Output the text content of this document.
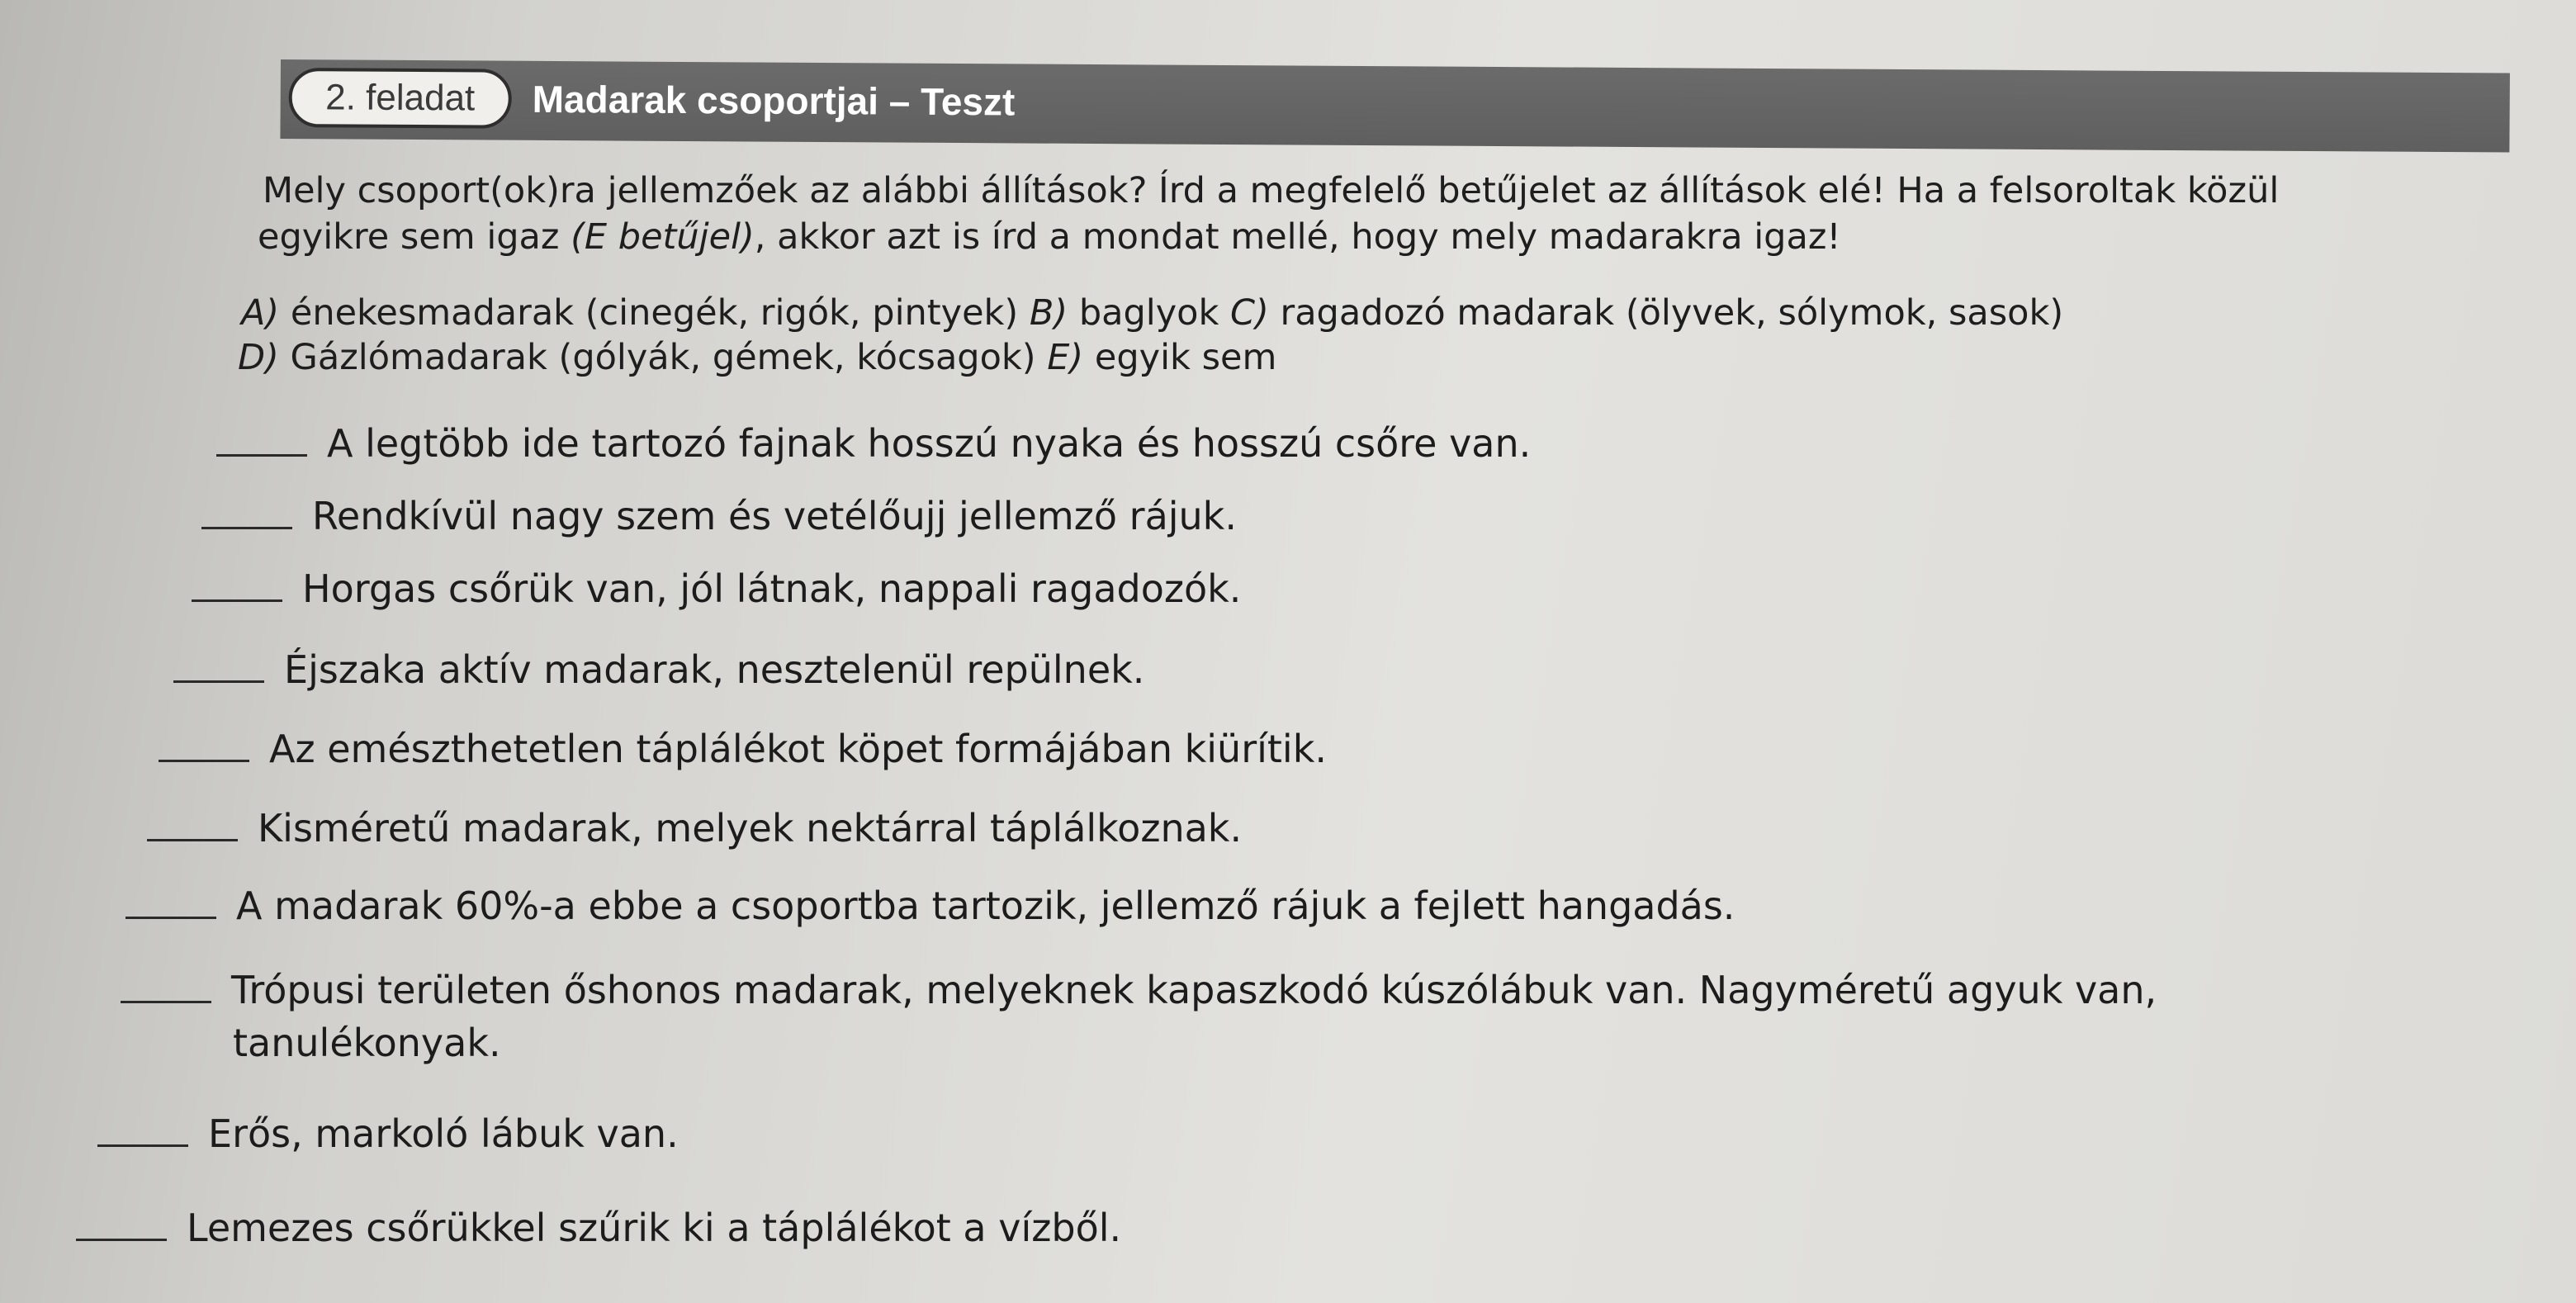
2. feladat Madarak csoportjai – Teszt
Mely csoport(ok)ra jellemzőek az alábbi állítások? Írd a megfelelő betűjelet az állítások elé! Ha a felsoroltak közül
egyikre sem igaz (E betűjel), akkor azt is írd a mondat mellé, hogy mely madarakra igaz!
A) énekesmadarak (cinegék, rigók, pintyek) B) baglyok C) ragadozó madarak (ölyvek, sólymok, sasok)
D) Gázlómadarak (gólyák, gémek, kócsagok) E) egyik sem
A legtöbb ide tartozó fajnak hosszú nyaka és hosszú csőre van.
Rendkívül nagy szem és vetélőujj jellemző rájuk.
Horgas csőrük van, jól látnak, nappali ragadozók.
Éjszaka aktív madarak, nesztelenül repülnek.
Az emészthetetlen táplálékot köpet formájában kiürítik.
Kisméretű madarak, melyek nektárral táplálkoznak.
A madarak 60%-a ebbe a csoportba tartozik, jellemző rájuk a fejlett hangadás.
Trópusi területen őshonos madarak, melyeknek kapaszkodó kúszólábuk van. Nagyméretű agyuk van,
tanulékonyak.
Erős, markoló lábuk van.
Lemezes csőrükkel szűrik ki a táplálékot a vízből.
